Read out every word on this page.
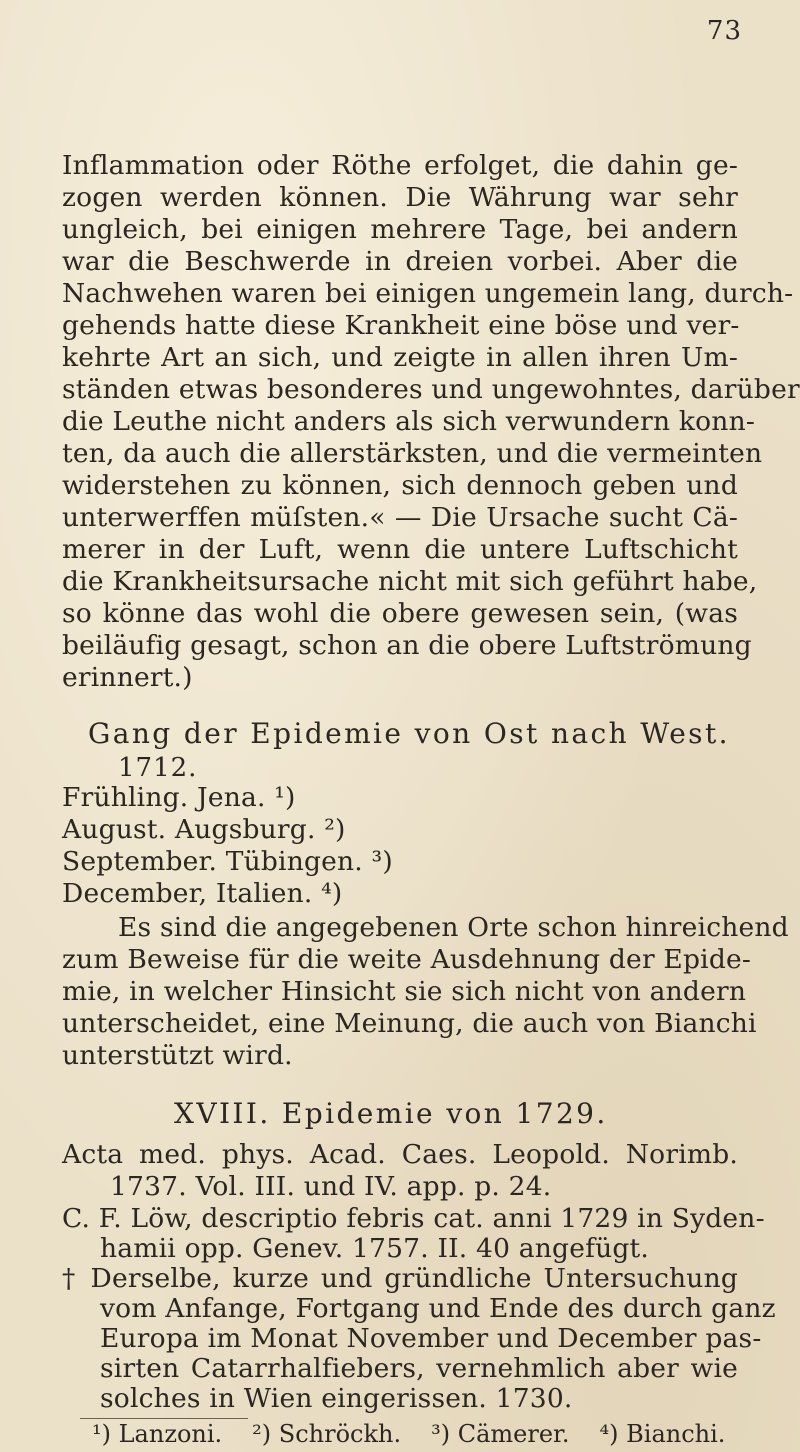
73
Inflammation oder Röthe erfolget, die dahin ge-
zogen werden können. Die Währung war sehr
ungleich, bei einigen mehrere Tage, bei andern
war die Beschwerde in dreien vorbei. Aber die
Nachwehen waren bei einigen ungemein lang, durch-
gehends hatte diese Krankheit eine böse und ver-
kehrte Art an sich, und zeigte in allen ihren Um-
ständen etwas besonderes und ungewohntes, darüber
die Leuthe nicht anders als sich verwundern konn-
ten, da auch die allerstärksten, und die vermeinten
widerstehen zu können, sich dennoch geben und
unterwerffen müſsten.« — Die Ursache sucht Cä-
merer in der Luft, wenn die untere Luftschicht
die Krankheitsursache nicht mit sich geführt habe,
so könne das wohl die obere gewesen sein, (was
beiläufig gesagt, schon an die obere Luftströmung
erinnert.)
Gang der Epidemie von Ost nach West.
1712.
Frühling. Jena. ¹)
August. Augsburg. ²)
September. Tübingen. ³)
December, Italien. ⁴)
Es sind die angegebenen Orte schon hinreichend
zum Beweise für die weite Ausdehnung der Epide-
mie, in welcher Hinsicht sie sich nicht von andern
unterscheidet, eine Meinung, die auch von Bianchi
unterstützt wird.
XVIII. Epidemie von 1729.
Acta med. phys. Acad. Caes. Leopold. Norimb.
1737. Vol. III. und IV. app. p. 24.
C. F. Löw, descriptio febris cat. anni 1729 in Syden-
hamii opp. Genev. 1757. II. 40 angefügt.
† Derselbe, kurze und gründliche Untersuchung
vom Anfange, Fortgang und Ende des durch ganz
Europa im Monat November und December pas-
sirten Catarrhalfiebers, vernehmlich aber wie
solches in Wien eingerissen. 1730.
¹) Lanzoni. ²) Schröckh. ³) Cämerer. ⁴) Bianchi.
